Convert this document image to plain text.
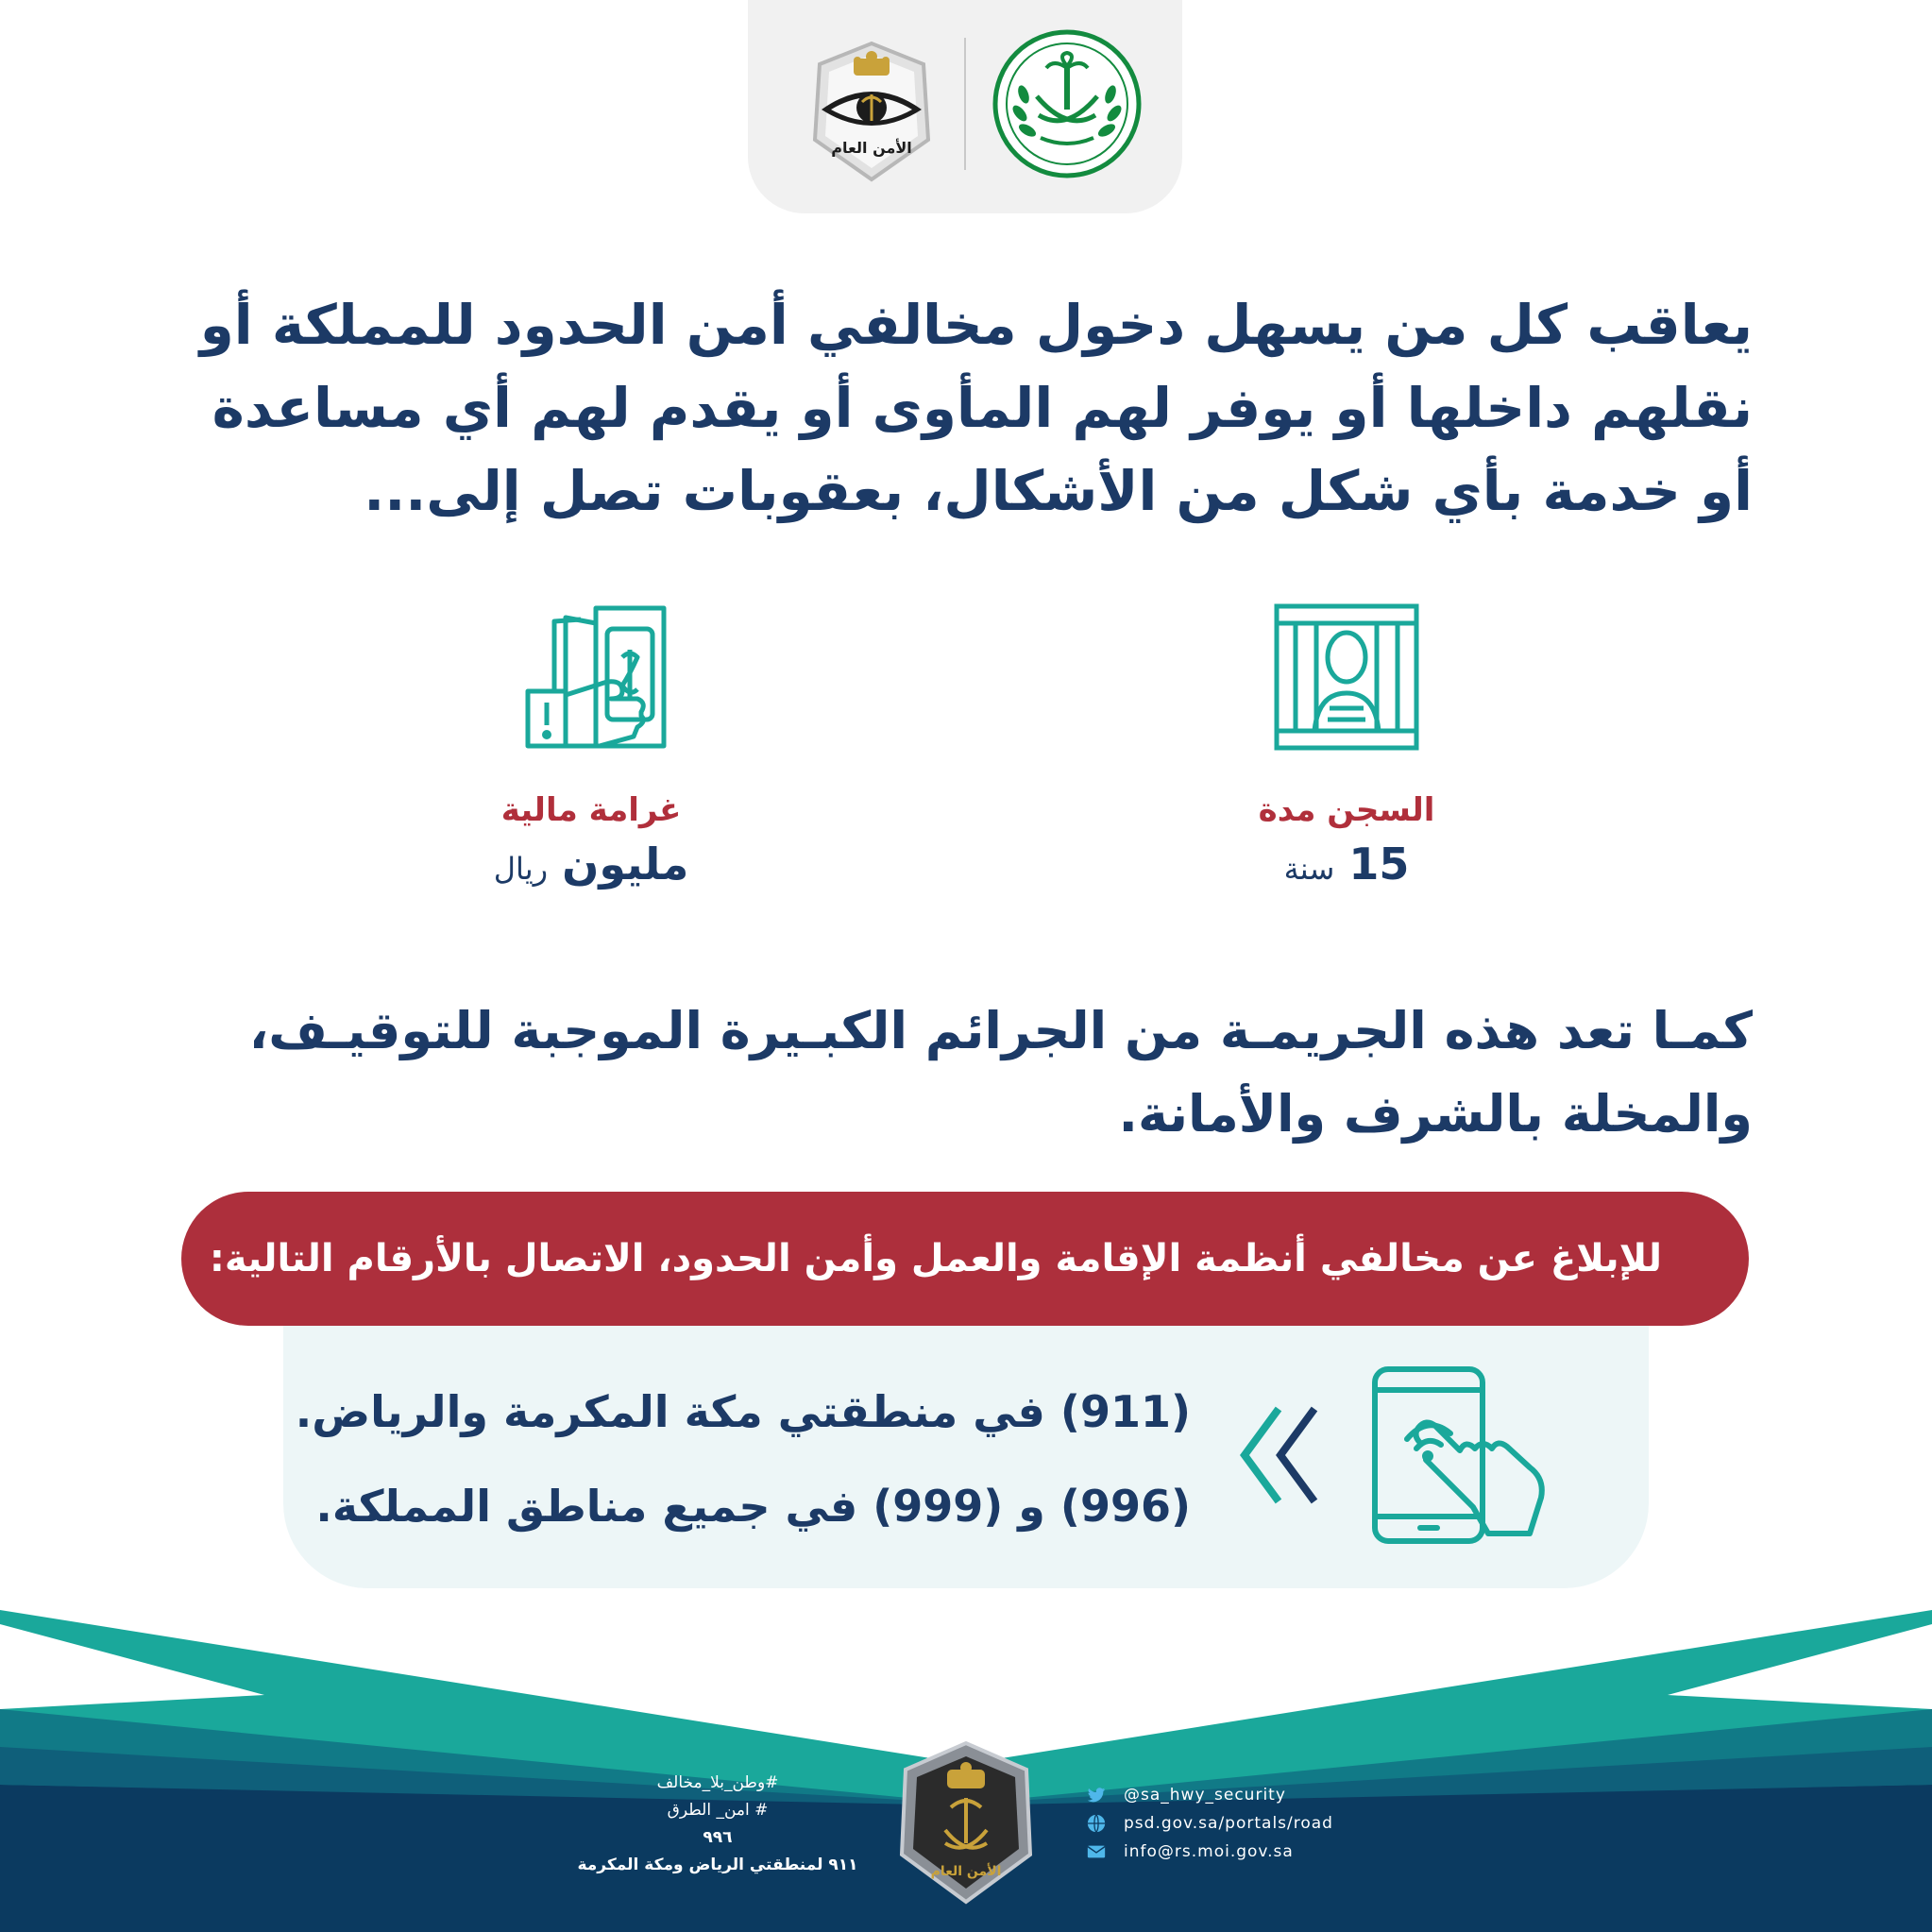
الأمن العام
يعاقب كل من يسهل دخول مخالفي أمن الحدود للمملكة أو نقلهم داخلها أو يوفر لهم المأوى أو يقدم لهم أي مساعدة أو خدمة بأي شكل من الأشكال، بعقوبات تصل إلى...
السجن مدة
15 سنة
غرامة مالية
مليون ريال
كمـا تعد هذه الجريمـة من الجرائم الكبـيرة الموجبة للتوقيـف، والمخلة بالشرف والأمانة.
للإبلاغ عن مخالفي أنظمة الإقامة والعمل وأمن الحدود، الاتصال بالأرقام التالية:
(911) في منطقتي مكة المكرمة والرياض.
(996) و (999) في جميع مناطق المملكة.
#وطن_بلا_مخالف
# امن_ الطرق
٩٩٦
٩١١ لمنطقتي الرياض ومكة المكرمة	الأمن العام
@sa_hwy_security
psd.gov.sa/portals/road
info@rs.moi.gov.sa
